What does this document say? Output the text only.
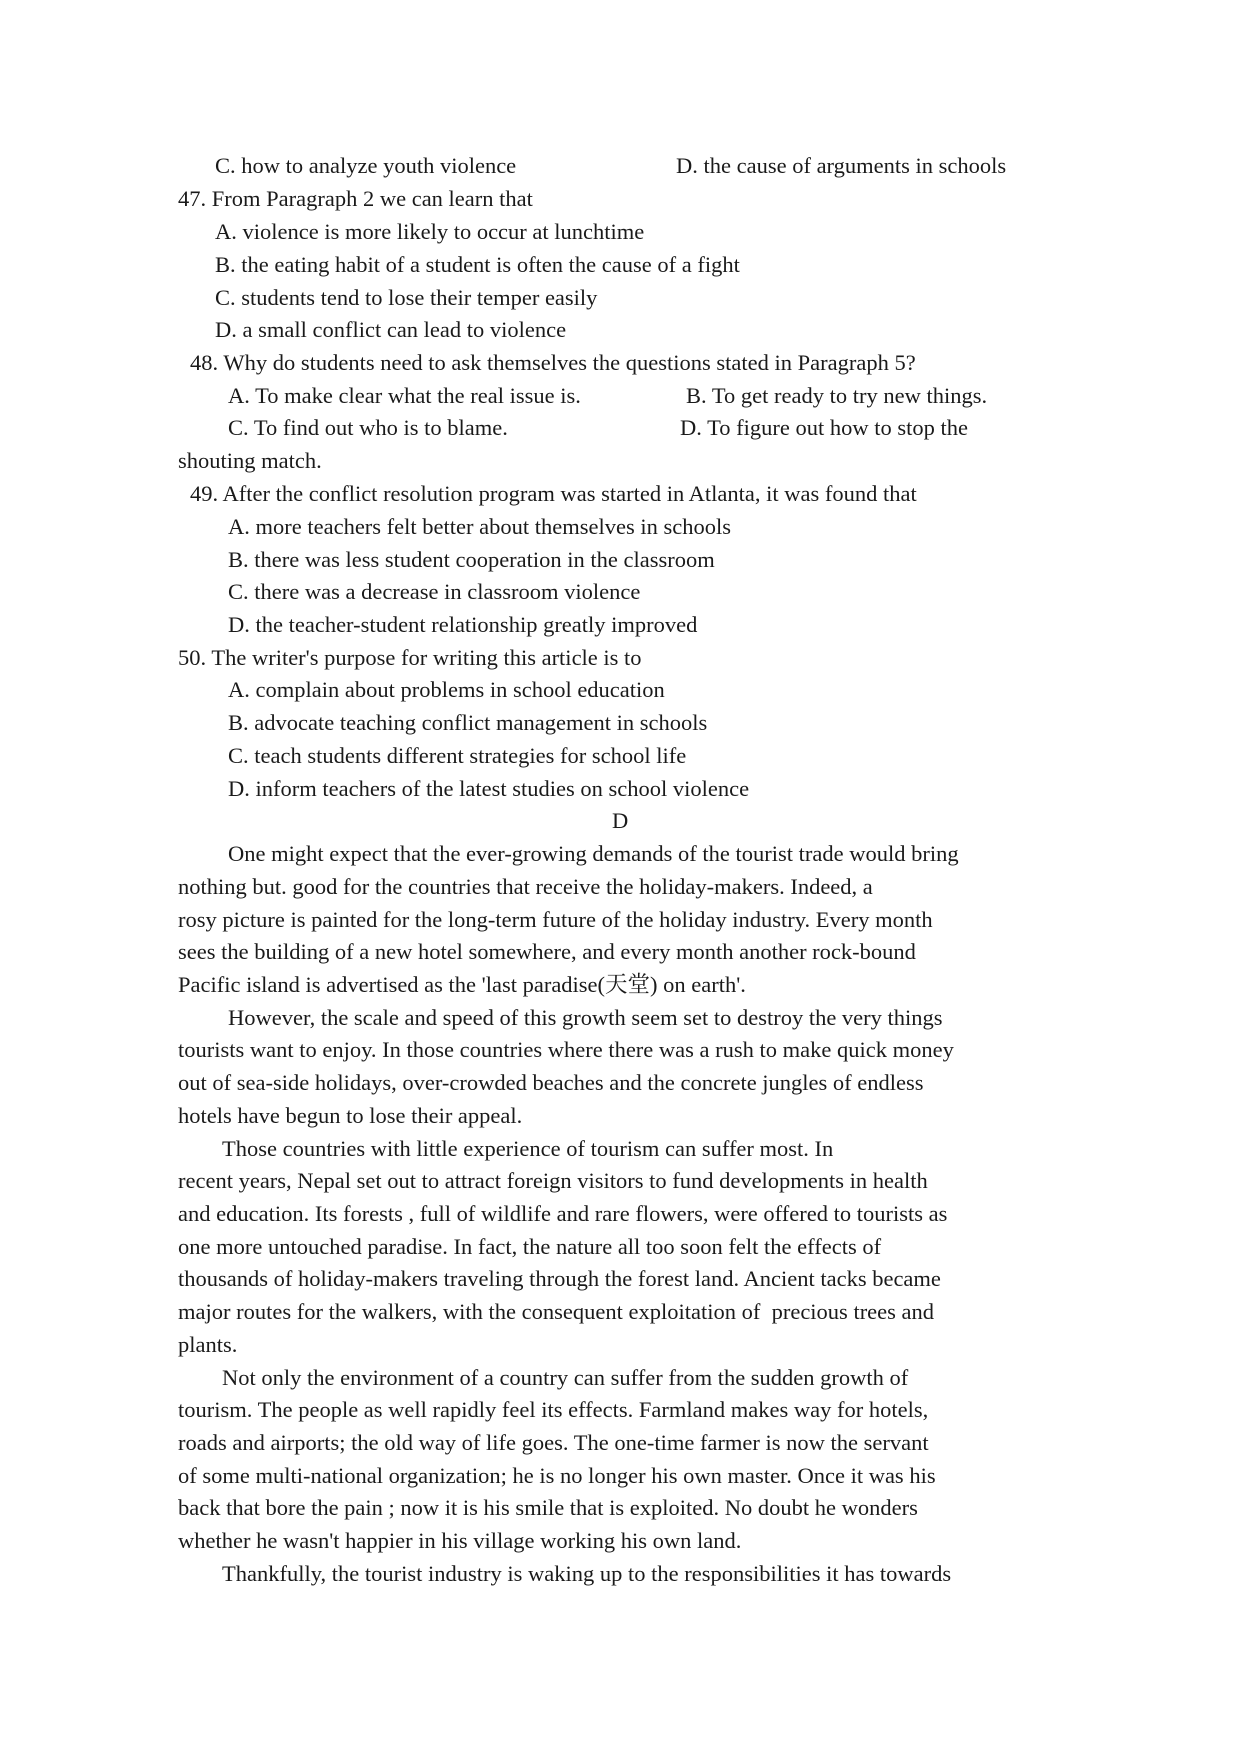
C. how to analyze youth violence	D. the cause of arguments in schools
47. From Paragraph 2 we can learn that
A. violence is more likely to occur at lunchtime
B. the eating habit of a student is often the cause of a fight
C. students tend to lose their temper easily
D. a small conflict can lead to violence
48. Why do students need to ask themselves the questions stated in Paragraph 5?
A. To make clear what the real issue is.	B. To get ready to try new things.
C. To find out who is to blame.	D. To figure out how to stop the
shouting match.
49. After the conflict resolution program was started in Atlanta, it was found that
A. more teachers felt better about themselves in schools
B. there was less student cooperation in the classroom
C. there was a decrease in classroom violence
D. the teacher-student relationship greatly improved
50. The writer's purpose for writing this article is to
A. complain about problems in school education
B. advocate teaching conflict management in schools
C. teach students different strategies for school life
D. inform teachers of the latest studies on school violence
D
One might expect that the ever-growing demands of the tourist trade would bring
nothing but. good for the countries that receive the holiday-makers. Indeed, a
rosy picture is painted for the long-term future of the holiday industry. Every month
sees the building of a new hotel somewhere, and every month another rock-bound
Pacific island is advertised as the 'last paradise(天堂) on earth'.
However, the scale and speed of this growth seem set to destroy the very things
tourists want to enjoy. In those countries where there was a rush to make quick money
out of sea-side holidays, over-crowded beaches and the concrete jungles of endless
hotels have begun to lose their appeal.
Those countries with little experience of tourism can suffer most. In
recent years, Nepal set out to attract foreign visitors to fund developments in health
and education. Its forests , full of wildlife and rare flowers, were offered to tourists as
one more untouched paradise. In fact, the nature all too soon felt the effects of
thousands of holiday-makers traveling through the forest land. Ancient tacks became
major routes for the walkers, with the consequent exploitation of  precious trees and
plants.
Not only the environment of a country can suffer from the sudden growth of
tourism. The people as well rapidly feel its effects. Farmland makes way for hotels,
roads and airports; the old way of life goes. The one-time farmer is now the servant
of some multi-national organization; he is no longer his own master. Once it was his
back that bore the pain ; now it is his smile that is exploited. No doubt he wonders
whether he wasn't happier in his village working his own land.
Thankfully, the tourist industry is waking up to the responsibilities it has towards
